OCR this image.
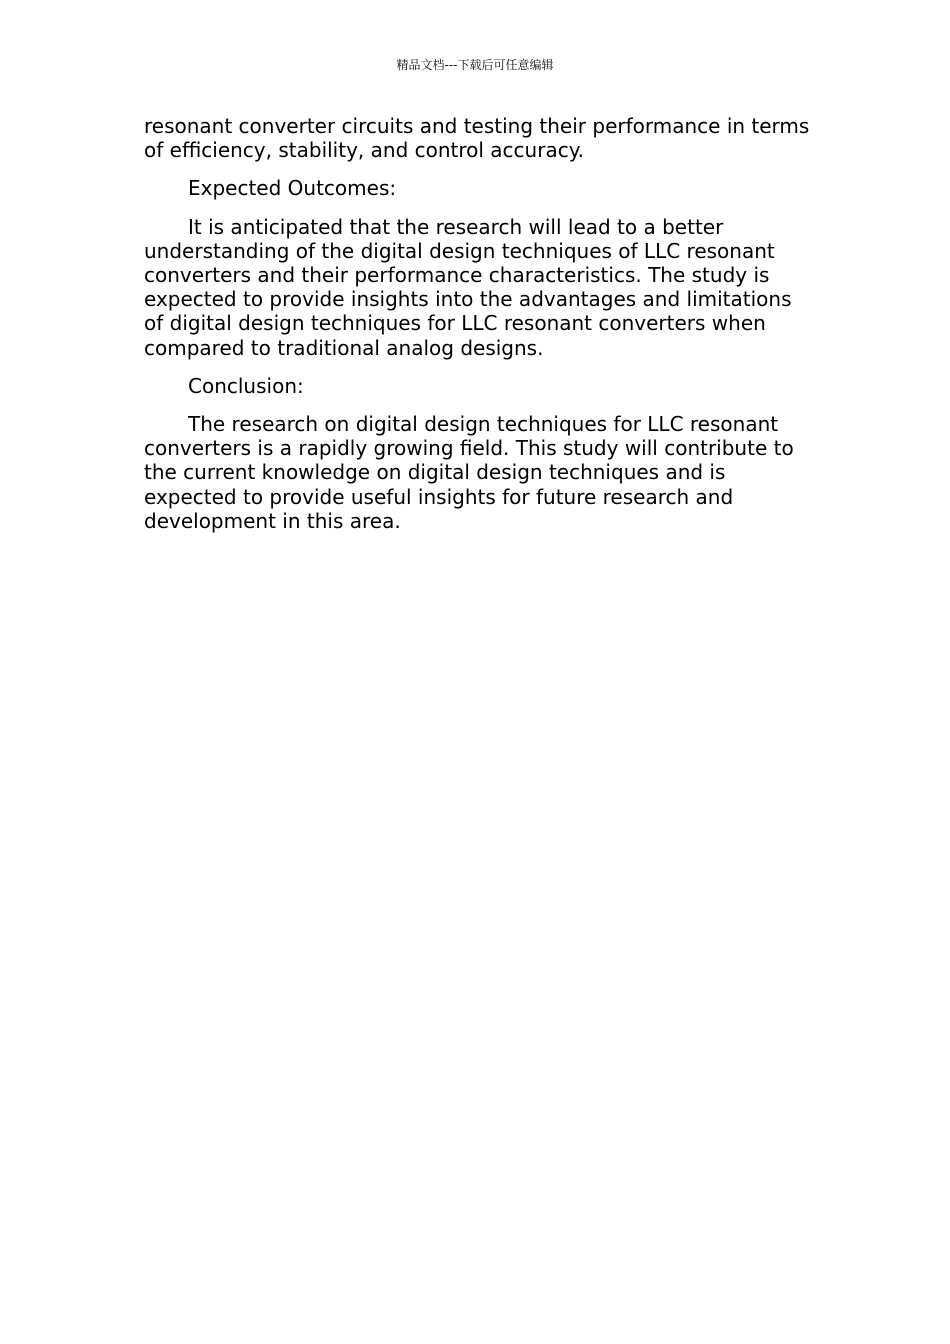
精品文档---下载后可任意编辑

resonant converter circuits and testing their performance in terms of efficiency, stability, and control accuracy.

Expected Outcomes:

It is anticipated that the research will lead to a better understanding of the digital design techniques of LLC resonant converters and their performance characteristics. The study is expected to provide insights into the advantages and limitations of digital design techniques for LLC resonant converters when compared to traditional analog designs.

Conclusion:

The research on digital design techniques for LLC resonant converters is a rapidly growing field. This study will contribute to the current knowledge on digital design techniques and is expected to provide useful insights for future research and development in this area.
